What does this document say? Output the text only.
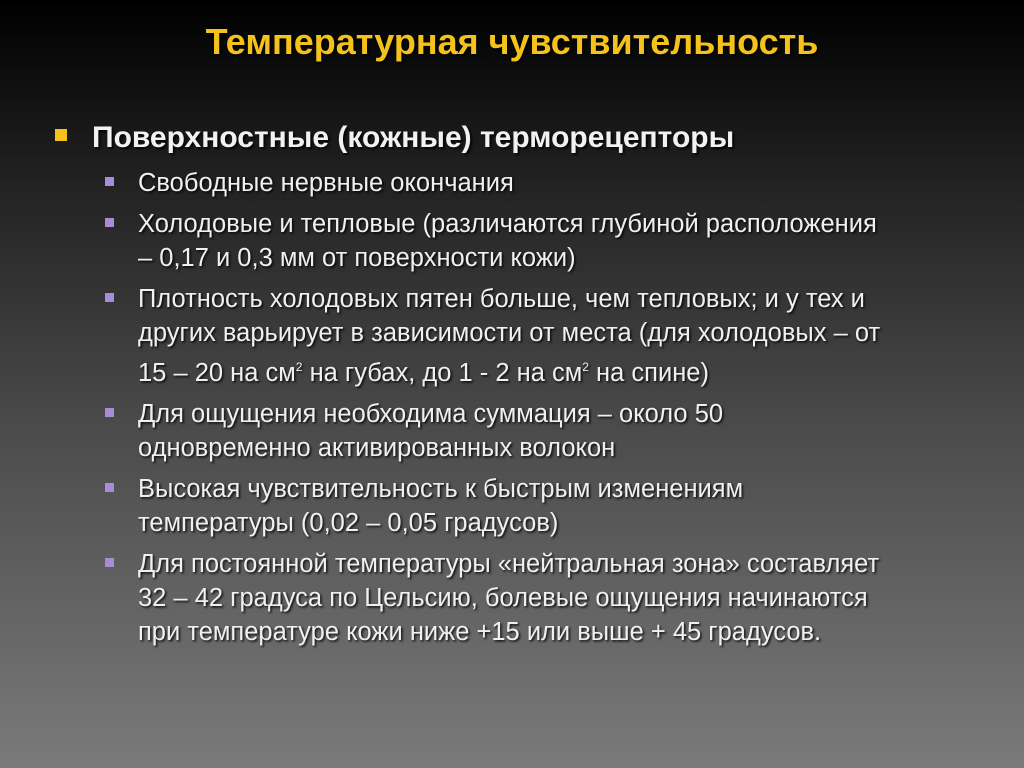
Температурная чувствительность
Поверхностные (кожные) терморецепторы
Свободные нервные окончания
Холодовые и тепловые (различаются глубиной расположения
– 0,17 и 0,3 мм от поверхности кожи)
Плотность холодовых пятен больше, чем тепловых; и у тех и
других варьирует в зависимости от места (для холодовых – от
15 – 20 на $см^2$ на губах, до 1 - 2 на $см^2$ на спине)
Для ощущения необходима суммация – около 50
одновременно активированных волокон
Высокая чувствительность к быстрым изменениям
температуры (0,02 – 0,05 градусов)
Для постоянной температуры «нейтральная зона» составляет
32 – 42 градуса по Цельсию, болевые ощущения начинаются
при температуре кожи ниже +15 или выше + 45 градусов.
